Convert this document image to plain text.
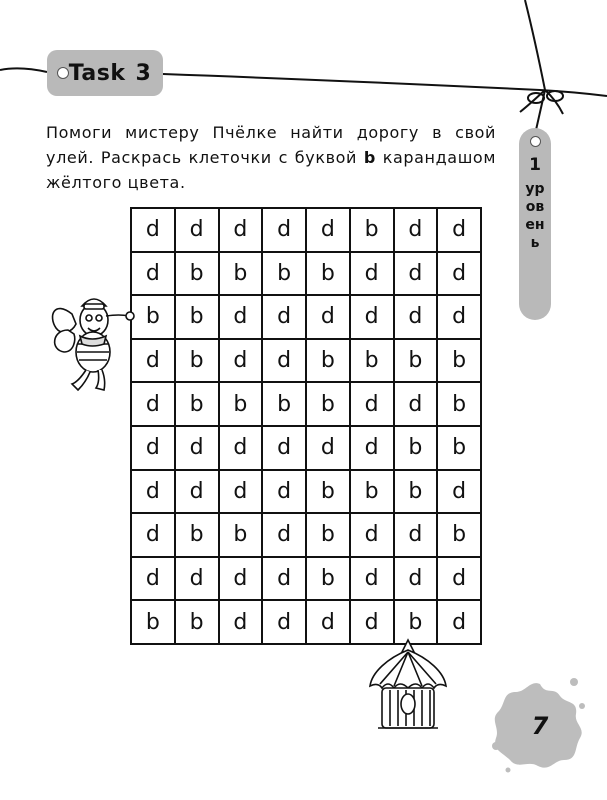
Task 3
Помоги мистеру Пчёлке найти дорогу в свой улей. Раскрась клеточки с буквой b карандашом жёлтого цвета.
1
уровень
d	d	d	d	d	b	d	d
d	b	b	b	b	d	d	d
b	b	d	d	d	d	d	d
d	b	d	d	b	b	b	b
d	b	b	b	b	d	d	b
d	d	d	d	d	d	b	b
d	d	d	d	b	b	b	d
d	b	b	d	b	d	d	b
d	d	d	d	b	d	d	d
b	b	d	d	d	d	b	d
7
